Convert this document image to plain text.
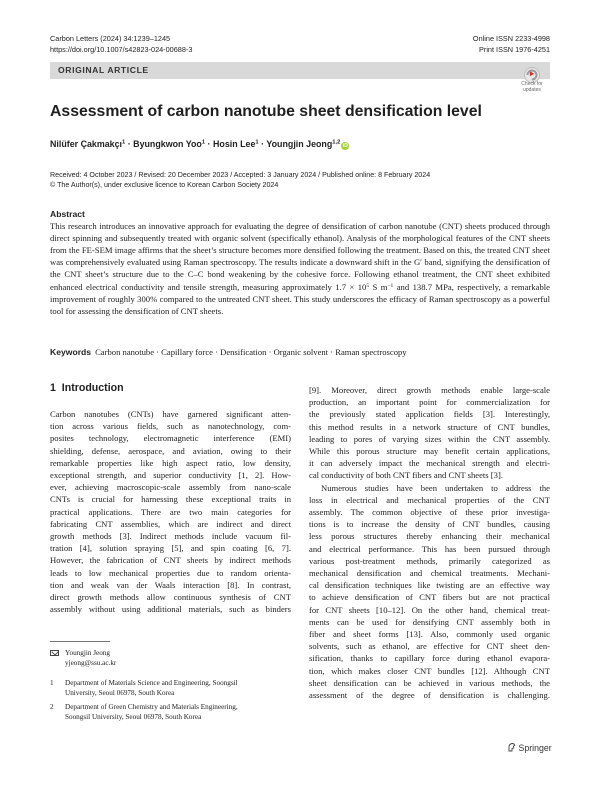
Carbon Letters (2024) 34:1239–1245
https://doi.org/10.1007/s42823-024-00688-3
Online ISSN 2233-4998
Print ISSN 1976-4251
ORIGINAL ARTICLE
Check for
updates
Assessment of carbon nanotube sheet densification level
Nilüfer Çakmakçı$^1$ · Byungkwon Yoo$^1$ · Hosin Lee$^1$ · Youngjin Jeong$^{1,2}$iD
Received: 4 October 2023 / Revised: 20 December 2023 / Accepted: 3 January 2024 / Published online: 8 February 2024
© The Author(s), under exclusive licence to Korean Carbon Society 2024
Abstract
This research introduces an innovative approach for evaluating the degree of densification of carbon nanotube (CNT) sheets produced through direct spinning and subsequently treated with organic solvent (specifically ethanol). Analysis of the morphological features of the CNT sheets from the FE-SEM image affirms that the sheet’s structure becomes more densified following the treatment. Based on this, the treated CNT sheet was comprehensively evaluated using Raman spectroscopy. The results indicate a downward shift in the G′ band, signifying the densification of the CNT sheet’s structure due to the C–C bond weakening by the cohesive force. Following ethanol treatment, the CNT sheet exhibited enhanced electrical conductivity and tensile strength, measuring approximately $1.7 \times 10^5$ S $m^{-1}$ and 138.7 MPa, respectively, a remarkable improvement of roughly 300% compared to the untreated CNT sheet. This study underscores the efficacy of Raman spectroscopy as a powerful tool for assessing the densification of CNT sheets.
Keywords Carbon nanotube · Capillary force · Densification · Organic solvent · Raman spectroscopy
1 Introduction
Carbon nanotubes (CNTs) have garnered significant atten-
tion across various fields, such as nanotechnology, com-
posites technology, electromagnetic interference (EMI)
shielding, defense, aerospace, and aviation, owing to their
remarkable properties like high aspect ratio, low density,
exceptional strength, and superior conductivity [1, 2]. How-
ever, achieving macroscopic-scale assembly from nano-scale
CNTs is crucial for harnessing these exceptional traits in
practical applications. There are two main categories for
fabricating CNT assemblies, which are indirect and direct
growth methods [3]. Indirect methods include vacuum fil-
tration [4], solution spraying [5], and spin coating [6, 7].
However, the fabrication of CNT sheets by indirect methods
leads to low mechanical properties due to random orienta-
tion and weak van der Waals interaction [8]. In contrast,
direct growth methods allow continuous synthesis of CNT
assembly without using additional materials, such as binders
[9]. Moreover, direct growth methods enable large-scale
production, an important point for commercialization for
the previously stated application fields [3]. Interestingly,
this method results in a network structure of CNT bundles,
leading to pores of varying sizes within the CNT assembly.
While this porous structure may benefit certain applications,
it can adversely impact the mechanical strength and electri-
cal conductivity of both CNT fibers and CNT sheets [3].
Numerous studies have been undertaken to address the
loss in electrical and mechanical properties of the CNT
assembly. The common objective of these prior investiga-
tions is to increase the density of CNT bundles, causing
less porous structures thereby enhancing their mechanical
and electrical performance. This has been pursued through
various post-treatment methods, primarily categorized as
mechanical densification and chemical treatments. Mechani-
cal densification techniques like twisting are an effective way
to achieve densification of CNT fibers but are not practical
for CNT sheets [10–12]. On the other hand, chemical treat-
ments can be used for densifying CNT assembly both in
fiber and sheet forms [13]. Also, commonly used organic
solvents, such as ethanol, are effective for CNT sheet den-
sification, thanks to capillary force during ethanol evapora-
tion, which makes closer CNT bundles [12]. Although CNT
sheet densification can be achieved in various methods, the
assessment of the degree of densification is challenging.
Youngjin Jeong
yjeong@ssu.ac.kr
1	Department of Materials Science and Engineering, Soongsil
University, Seoul 06978, South Korea
2	Department of Green Chemistry and Materials Engineering,
Soongsil University, Seoul 06978, South Korea
Springer
